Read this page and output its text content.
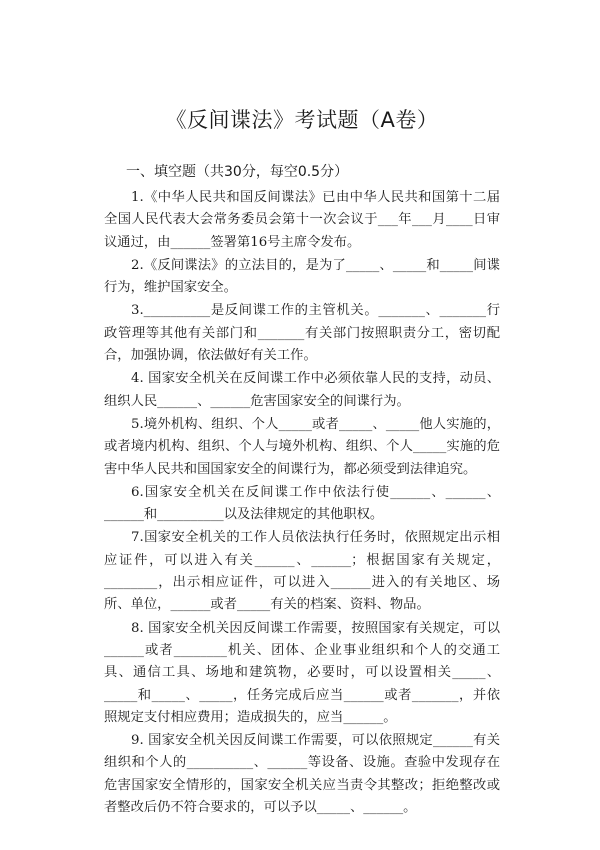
《反间谍法》考试题（A卷）
一、填空题（共30分，每空0.5分）

1.《中华人民共和国反间谍法》已由中华人民共和国第十二届全国人民代表大会常务委员会第十一次会议于___年___月____日审议通过，由______签署第16号主席令发布。

2.《反间谍法》的立法目的，是为了_____、_____和_____间谍行为，维护国家安全。

3.__________是反间谍工作的主管机关。_______、_______行政管理等其他有关部门和_______有关部门按照职责分工，密切配合，加强协调，依法做好有关工作。

4. 国家安全机关在反间谍工作中必须依靠人民的支持，动员、组织人民______、______危害国家安全的间谍行为。

5.境外机构、组织、个人_____或者_____、_____他人实施的，或者境内机构、组织、个人与境外机构、组织、个人_____实施的危害中华人民共和国国家安全的间谍行为，都必须受到法律追究。

6.国家安全机关在反间谍工作中依法行使______、______、______和__________以及法律规定的其他职权。

7.国家安全机关的工作人员依法执行任务时，依照规定出示相应证件，可以进入有关______、______；根据国家有关规定，________，出示相应证件，可以进入______进入的有关地区、场所、单位，______或者_____有关的档案、资料、物品。

8. 国家安全机关因反间谍工作需要，按照国家有关规定，可以______或者________机关、团体、企业事业组织和个人的交通工具、通信工具、场地和建筑物，必要时，可以设置相关_____、_____和_____、_____，任务完成后应当______或者_______，并依照规定支付相应费用；造成损失的，应当______。

9. 国家安全机关因反间谍工作需要，可以依照规定______有关组织和个人的__________、______等设备、设施。查验中发现存在危害国家安全情形的，国家安全机关应当责令其整改；拒绝整改或者整改后仍不符合要求的，可以予以_____、______。
